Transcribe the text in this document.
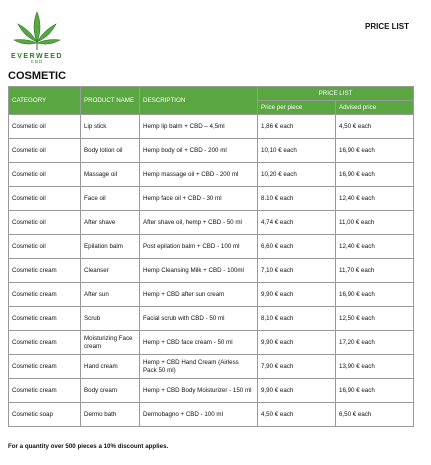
EVERWEED
CBD
PRICE LIST
COSMETIC
CATEGORY	PRODUCT NAME	DESCRIPTION	PRICE LIST	
			Price per piece	Advised price
Cosmetic oil	Lip stick	Hemp lip balm + CBD – 4,5ml	1,86 € each	4,50 € each
Cosmetic oil	Body lotion oil	Hemp body oil + CBD - 200 ml	10,10 € each	16,90 € each
Cosmetic oil	Massage oil	Hemp massage oil + CBD - 200 ml	10,20 € each	16,90 € each
Cosmetic oil	Face oil	Hemp face oil + CBD - 30 ml	8.10 € each	12,40 € each
Cosmetic oil	After shave	After shave oil, hemp + CBD - 50 ml	4,74 € each	11,00 € each
Cosmetic oil	Epilation balm	Post epilation balm + CBD - 100 ml	6,60 € each	12,40 € each
Cosmetic cream	Cleanser	Hemp Cleansing Milk + CBD - 100ml	7,10 € each	11,70 € each
Cosmetic cream	After sun	Hemp + CBD after sun cream	9,90 € each	16,90 € each
Cosmetic cream	Scrub	Facial scrub with CBD - 50 ml	8,10 € each	12,50 € each
Cosmetic cream	Moisturizing Face cream	Hemp + CBD face cream - 50 ml	9,90 € each	17,20 € each
Cosmetic cream	Hand cream	Hemp + CBD Hand Cream (Airless Pack 50 ml)	7,90 € each	13,90 € each
Cosmetic cream	Body cream	Hemp + CBD Body Moisturizer - 150 ml	9,90 € each	16,90 € each
Cosmetic soap	Dermo bath	Dermobagno + CBD - 100 ml	4,50 € each	6,50 € each
For a quantity over 500 pieces a 10% discount applies.
